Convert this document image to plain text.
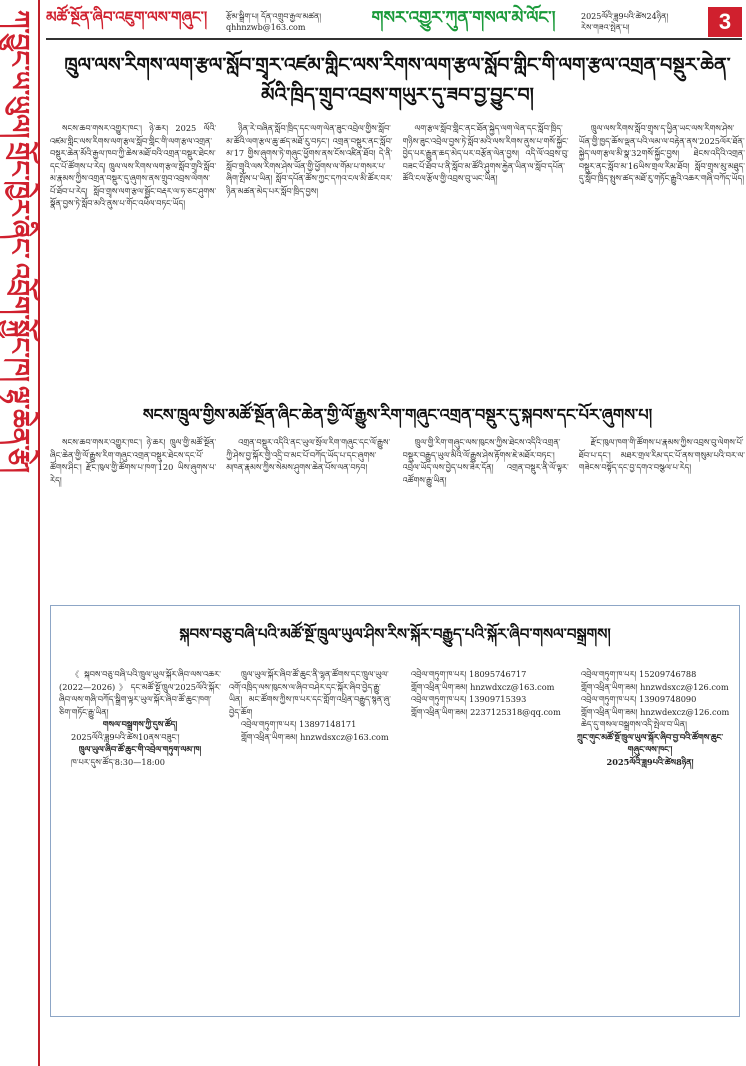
ཀ་བྱུང་ཡ་ཡུལ།
གྲོང་ཁྱེར་ཞིང་
འབྲོག་སྐྱོང་ཁ།
ལྷ་ཆེན་རྩེ།
མཚོ་སྔོན་ཞིབ་འཇུག་ལས་གཞུང་།	རྩོམ་སྒྲིག་པ། དོན་འགྲུབ་རྒྱལ་མཚན།
qhhnzwb@163.com	གསར་འགྱུར་ཀུན་གསལ་མེ་ལོང་།	2025ལོའི་ཟླ9པའི་ཚེས24ཉིན།
རེས་གཟའ་སྤེན་པ།	3
ཁྲུལ་ལས་རིགས་ལག་རྩལ་སློབ་གྲྭར་འཛམ་གླིང་ལས་རིགས་ལག་རྩལ་སློབ་གླིང་གི་ལག་རྩལ་འགྲན་བསྡུར་ཆེན་མོའི་ཁྲིད་གྲུབ་འབྲས་གཡུར་དུ་ཟབ་བྱ་བྱུང་བ།

སངས་ཆབ་གསར་འགྱུར་ཁང་། ཉེ་ཆར། 2025 ལོའི་འཛམ་གླིང་ལས་རིགས་ལག་རྩལ་སློབ་གླིང་གི་ལག་རྩལ་འགྲན་བསྡུར་ཆེན་མོའི་རྒྱལ་ཁབ་ཀྱི་ཆེས་མཐོ་བའི་འགྲན་བསྡུར་ཐེངས་དང་པོ་ཚོགས་པ་རེད། ཁྲུལ་ལས་རིགས་ལག་རྩལ་སློབ་གྲྭའི་སློབ་མ་རྣམས་ཀྱིས་འགྲན་བསྡུར་དུ་ཞུགས་ནས་གྲུབ་འབྲས་ལེགས་པོ་ཐོབ་པ་རེད། སློབ་གྲྭས་ལག་རྩལ་སྦྱོང་བརྡར་ལ་ཧ་ཅང་ཤུགས་སྣོན་བྱས་ཏེ་སློབ་མའི་ནུས་པ་གོང་འཕེལ་བཏང་ཡོད།

ཉིན་རེ་བཞིན་སློབ་ཁྲིད་དང་ལག་ལེན་ཟུང་འབྲེལ་གྱིས་སློབ་མ་ཚོའི་ལག་རྩལ་ཆུ་ཚད་མཐོ་རུ་བཏང་། འགྲན་བསྡུར་ནང་སློབ་མ་17 གྱིས་ཞུགས་ཏེ་གཞུང་ཕྱོགས་ནས་ངོས་འཛིན་ཐོབ། དེ་ནི་སློབ་གྲྭའི་ལས་རིགས་ཤེས་ཡོན་གྱི་ཕྱོགས་ལ་གོམ་པ་གསར་པ་ཞིག་སྤོས་པ་ཡིན། སློབ་དཔོན་ཚོས་ཀྱང་དཀའ་ངལ་མི་ཚོར་བར་ཉིན་མཚན་མེད་པར་སློབ་ཁྲིད་བྱས།

ལག་རྩལ་སློབ་གླིང་ནང་ཐོན་སྐྱེད་ལག་ལེན་དང་སློབ་ཁྲིད་གཉིས་ཟུང་འབྲེལ་བྱས་ཏེ་སློབ་མའི་ལས་རིགས་ནུས་པ་གསོ་སྐྱོང་བྱེད་པར་རྒྱུན་ཆད་མེད་པར་བརྩོན་ལེན་བྱས། འདི་ལོ་འབྲས་བུ་བཟང་པོ་ཐོབ་པ་ནི་སློབ་མ་ཚོའི་ཤུགས་རྐྱེན་ཡིན་ལ་སློབ་དཔོན་ཚོའི་ངལ་རྩོལ་གྱི་འབྲས་བུ་ཡང་ཡིན།

ཁྲུལ་ལས་རིགས་སློབ་གྲྭས་ད་ཕྱིན་ཡང་ལས་རིགས་ཤེས་ཡོན་གྱི་ཁྱད་ཆོས་ལྡན་པའི་ལམ་ལ་བརྟེན་ནས་2025ལོར་ཐོན་སྐྱེད་ལག་རྩལ་མི་སྣ་32གསོ་སྐྱོང་བྱས། ཐེངས་འདིའི་འགྲན་བསྡུར་ནང་སློབ་མ་16ཡིས་གྲལ་རིམ་ཐོབ། སློབ་གྲྭས་མུ་མཐུད་དུ་སློབ་ཁྲིད་སྤུས་ཚད་མཐོ་རུ་གཏོང་རྒྱུའི་འཆར་གཞི་བཀོད་ཡོད།

སངས་ཁྲུལ་གྱིས་མཚོ་སྔོན་ཞིང་ཆེན་གྱི་ལོ་རྒྱུས་རིག་གཞུང་འགྲན་བསྡུར་དུ་སྐབས་དང་པོར་ཞུགས་པ།

སངས་ཆབ་གསར་འགྱུར་ཁང་། ཉེ་ཆར། ཁྲུལ་གྱི་མཚོ་སྔོན་ཞིང་ཆེན་གྱི་ལོ་རྒྱུས་རིག་གཞུང་འགྲན་བསྡུར་ཐེངས་དང་པོ་ཚོགས་ཤིང་། རྫོང་ཁུལ་གྱི་ཚོགས་པ་ཁག་120 ཡིས་ཞུགས་པ་རེད།

འགྲན་བསྡུར་འདིའི་ནང་ཡུལ་སྲོལ་རིག་གཞུང་དང་ལོ་རྒྱུས་ཀྱི་ཤེས་བྱ་སྐོར་གྱི་འདྲི་བ་མང་པོ་བཀོད་ཡོད་པ་དང་ཞུགས་མཁན་རྣམས་ཀྱིས་སེམས་ཤུགས་ཆེན་པོས་ལན་བཏབ།

ཁྲུལ་གྱི་རིག་གཞུང་ལས་ཁུངས་ཀྱིས་ཐེངས་འདིའི་འགྲན་བསྡུར་བརྒྱུད་ཡུལ་མིའི་ལོ་རྒྱུས་ཤེས་རྟོགས་ཇེ་མཐོར་བཏང་། འབྲེལ་ཡོད་ལས་བྱེད་པས་ཟེར་དོན། འགྲན་བསྡུར་ནི་ལོ་ལྟར་འཚོགས་རྒྱུ་ཡིན།

རྫོང་ཁུལ་ཁག་གི་ཚོགས་པ་རྣམས་ཀྱིས་འབྲས་བུ་ལེགས་པོ་ཐོབ་པ་དང་། མཐར་གྲལ་རིམ་དང་པོ་ནས་གསུམ་པའི་བར་ལ་གཟེངས་བསྟོད་དང་བྱ་དགའ་བསྩལ་པ་རེད།

སྐབས་བཅུ་བཞི་པའི་མཚོ་སྔོ་ཁྲུལ་ཡུལ་ཤིས་རིས་སྐོར་བརྒྱུད་པའི་སྐོར་ཞིབ་གསལ་བསྒྲགས།

《སྐབས་བཅུ་བཞི་པའི་ཁྲུལ་ཡུལ་སྐོར་ཞིབ་ལས་འཆར་(2022—2026)》དང་མཚོ་སྔོ་ཁྲུལ་2025ལོའི་སྐོར་ཞིབ་ལས་གཞི་བཀོད་སྒྲིག་ལྟར་ཡུལ་སྐོར་ཞིབ་ཚོ་ཆུང་ཁག་ཅིག་གཏོང་རྒྱུ་ཡིན།

གསལ་བསྒྲགས་ཀྱི་དུས་ཚོད།

2025ལོའི་ཟླ9པའི་ཚེས10ནས་བཟུང་།

ཁྲུལ་ཡུལ་ཞིབ་ཚོ་ཆུང་གི་འབྲེལ་གཏུག་ལམ་ཁ།

ཁ་པར་དུས་ཚོད་8:30—18:00

ཁྲུལ་ཡུལ་སྐོར་ཞིབ་ཚོ་ཆུང་ནི་ལྷན་ཚོགས་དང་ཁྲུལ་ཡུལ་འགོ་འཁྲིད་ལས་ཁུངས་ལ་ཞིབ་བཤེར་དང་སྐོར་ཞིབ་བྱེད་རྒྱུ་ཡིན། མང་ཚོགས་ཀྱིས་ཁ་པར་དང་གློག་འཕྲིན་བརྒྱུད་སྙན་ཞུ་བྱེད་ཆོག

འབྲེལ་གཏུག་ཁ་པར། 13897148171

གློག་འཕྲིན་ཡིག་ཟམ། hnzwdsxcz@163.com

འབྲེལ་གཏུག་ཁ་པར། 18095746717

གློག་འཕྲིན་ཡིག་ཟམ། hnzwdxcz@163.com

འབྲེལ་གཏུག་ཁ་པར། 13909715393

གློག་འཕྲིན་ཡིག་ཟམ། 2237125318@qq.com

འབྲེལ་གཏུག་ཁ་པར། 15209746788

གློག་འཕྲིན་ཡིག་ཟམ། hnzwdsxcz@126.com

འབྲེལ་གཏུག་ཁ་པར། 13909748090

གློག་འཕྲིན་ཡིག་ཟམ། hnzwdexcz@126.com

ཆེད་དུ་གསལ་བསྒྲགས་འདི་སྤེལ་བ་ཡིན།

ཀྲུང་གུང་མཚོ་སྔོ་ཁྲུལ་ཡུལ་སྐོར་ཞིབ་བྱ་བའི་ཚོགས་ཆུང་གཞུང་ལས་ཁང་།
2025ལོའི་ཟླ9པའི་ཚེས8ཉིན།
